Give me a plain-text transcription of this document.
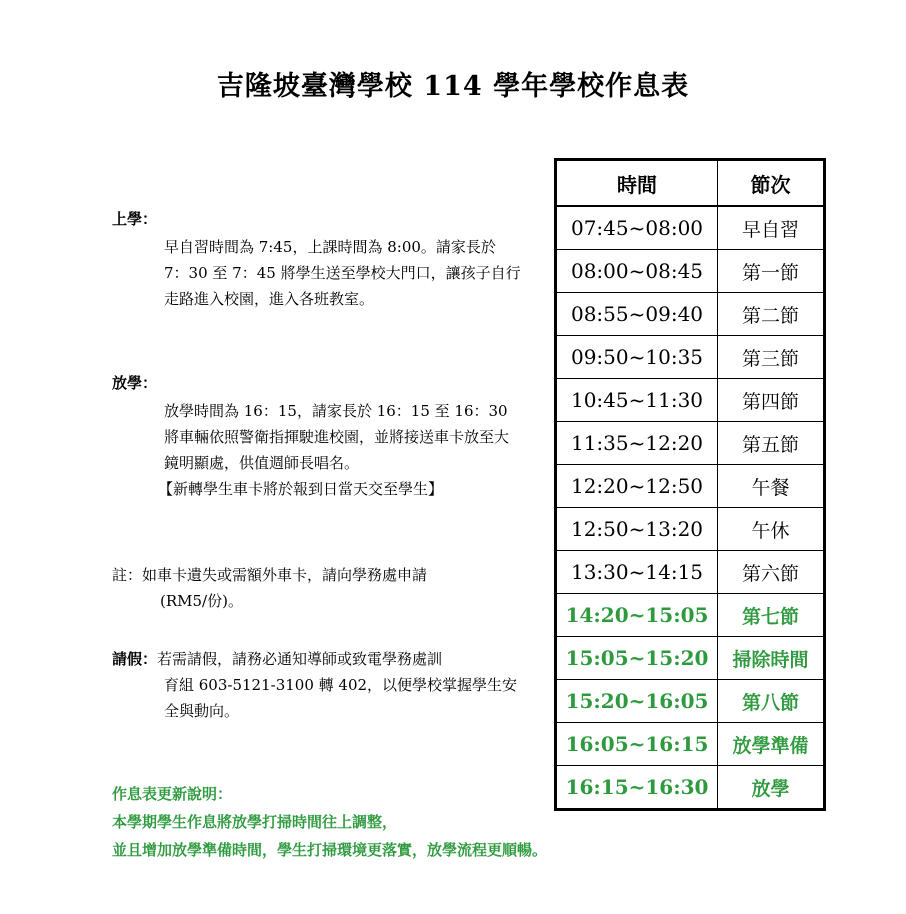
吉隆坡臺灣學校 114 學年學校作息表
上學：
早自習時間為 7:45，上課時間為 8:00。請家長於 7：30 至 7：45 將學生送至學校大門口，讓孩子自行走路進入校園，進入各班教室。
放學：
放學時間為 16：15，請家長於 16：15 至 16：30 將車輛依照警衛指揮駛進校園，並將接送車卡放至大鏡明顯處，供值週師長唱名。
【新轉學生車卡將於報到日當天交至學生】
註：如車卡遺失或需額外車卡，請向學務處申請
(RM5/份)。
請假：若需請假，請務必通知導師或致電學務處訓
育組 603-5121-3100 轉 402，以便學校掌握學生安全與動向。
作息表更新說明：
本學期學生作息將放學打掃時間往上調整，
並且增加放學準備時間，學生打掃環境更落實，放學流程更順暢。
時間	節次
07:45~08:00	早自習
08:00~08:45	第一節
08:55~09:40	第二節
09:50~10:35	第三節
10:45~11:30	第四節
11:35~12:20	第五節
12:20~12:50	午餐
12:50~13:20	午休
13:30~14:15	第六節
14:20~15:05	第七節
15:05~15:20	掃除時間
15:20~16:05	第八節
16:05~16:15	放學準備
16:15~16:30	放學
